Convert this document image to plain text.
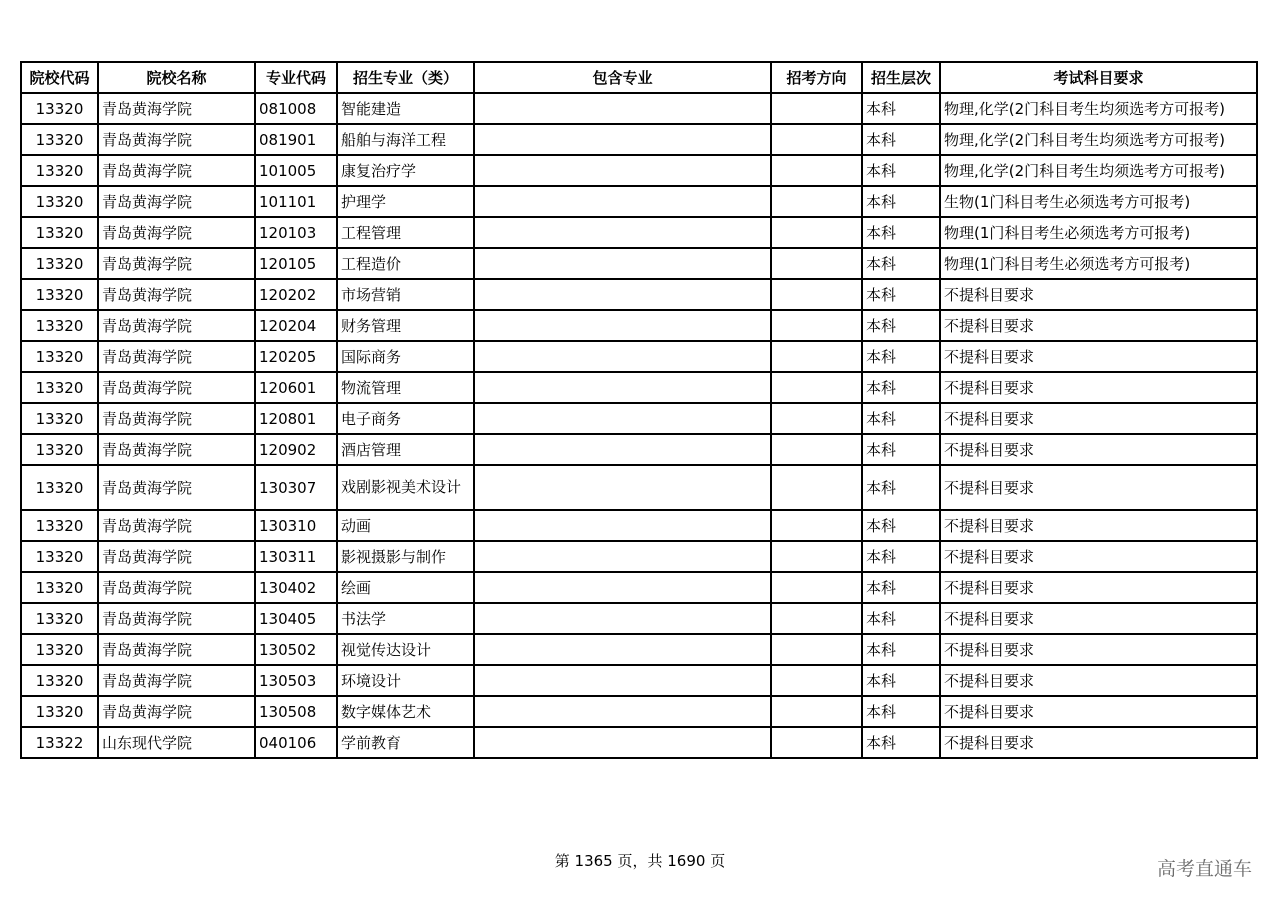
院校代码	院校名称	专业代码	招生专业（类）	包含专业	招考方向	招生层次	考试科目要求
13320	青岛黄海学院	081008	智能建造			本科	物理,化学(2门科目考生均须选考方可报考)
13320	青岛黄海学院	081901	船舶与海洋工程			本科	物理,化学(2门科目考生均须选考方可报考)
13320	青岛黄海学院	101005	康复治疗学			本科	物理,化学(2门科目考生均须选考方可报考)
13320	青岛黄海学院	101101	护理学			本科	生物(1门科目考生必须选考方可报考)
13320	青岛黄海学院	120103	工程管理			本科	物理(1门科目考生必须选考方可报考)
13320	青岛黄海学院	120105	工程造价			本科	物理(1门科目考生必须选考方可报考)
13320	青岛黄海学院	120202	市场营销			本科	不提科目要求
13320	青岛黄海学院	120204	财务管理			本科	不提科目要求
13320	青岛黄海学院	120205	国际商务			本科	不提科目要求
13320	青岛黄海学院	120601	物流管理			本科	不提科目要求
13320	青岛黄海学院	120801	电子商务			本科	不提科目要求
13320	青岛黄海学院	120902	酒店管理			本科	不提科目要求
13320	青岛黄海学院	130307	戏剧影视美术设计			本科	不提科目要求
13320	青岛黄海学院	130310	动画			本科	不提科目要求
13320	青岛黄海学院	130311	影视摄影与制作			本科	不提科目要求
13320	青岛黄海学院	130402	绘画			本科	不提科目要求
13320	青岛黄海学院	130405	书法学			本科	不提科目要求
13320	青岛黄海学院	130502	视觉传达设计			本科	不提科目要求
13320	青岛黄海学院	130503	环境设计			本科	不提科目要求
13320	青岛黄海学院	130508	数字媒体艺术			本科	不提科目要求
13322	山东现代学院	040106	学前教育			本科	不提科目要求
第 1365 页，共 1690 页	高考直通车
